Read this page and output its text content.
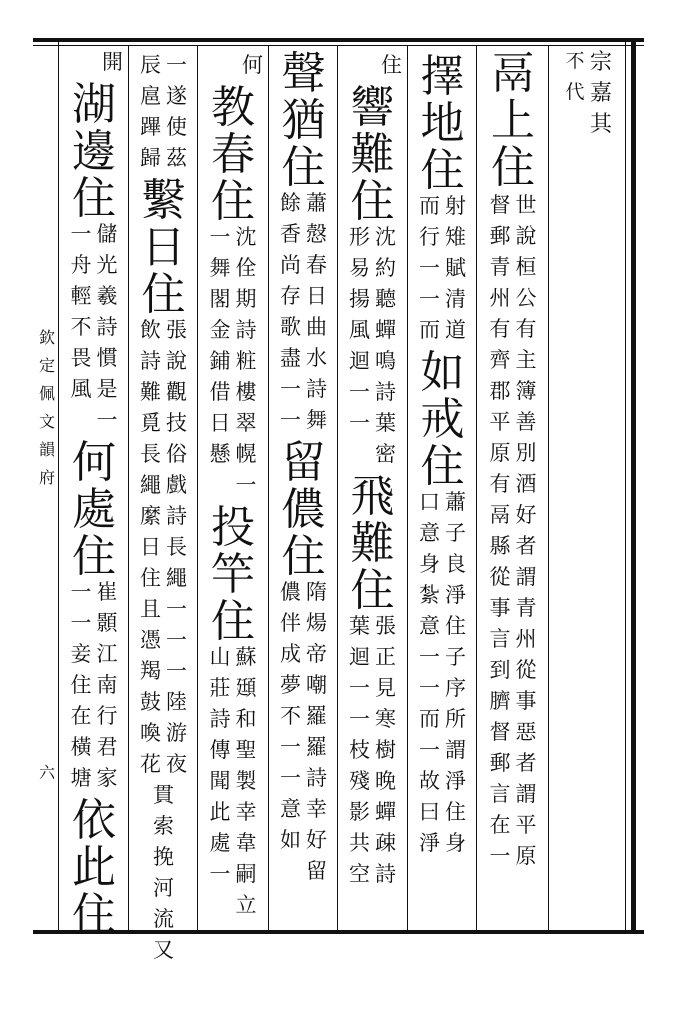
欽
定
佩
文
韻
府
六
宗
嘉
其
不
代
鬲
上
住
世
說
桓
公
有
主
簿
善
別
酒
好
者
謂
青
州
從
事
惡
者
謂
平
原
督
郵
青
州
有
齊
郡
平
原
有
鬲
縣
從
事
言
到
臍
督
郵
言
在
一
擇
地
住
射
雉
賦
清
道
而
行
一
一
而
如
戒
住
蕭
子
良
淨
住
子
序
所
謂
淨
住
身
口
意
身
紮
意
一
一
而
一
故
曰
淨
住
響
難
住
沈
約
聽
蟬
鳴
詩
葉
密
形
易
揚
風
迴
一
一
飛
難
住
張
正
見
寒
樹
晚
蟬
疎
詩
葉
迴
一
一
枝
殘
影
共
空
聲
猶
住
蕭
慤
春
日
曲
水
詩
舞
餘
香
尚
存
歌
盡
一
一
留
儂
住
隋
煬
帝
嘲
羅
羅
詩
幸
好
留
儂
伴
成
夢
不
一
一
意
如
何
教
春
住
沈
佺
期
詩
粧
樓
翠
幌
一
一
舞
閣
金
鋪
借
日
懸
投
竿
住
蘇
頲
和
聖
製
幸
韋
嗣
立
山
莊
詩
傳
聞
此
處
一
一
遂
使
茲
辰
扈
蹕
歸
繫
日
住
張
說
觀
技
俗
戲
詩
長
繩
一
一
一
陸
游
夜
飲
詩
難
覓
長
繩
縻
日
住
且
憑
羯
鼓
喚
花
貫
索
挽
河
流
又
開
湖
邊
住
儲
光
羲
詩
慣
是
一
一
舟
輕
不
畏
風
何
處
住
崔
顥
江
南
行
君
家
一
一
妾
住
在
橫
塘
依
此
住
